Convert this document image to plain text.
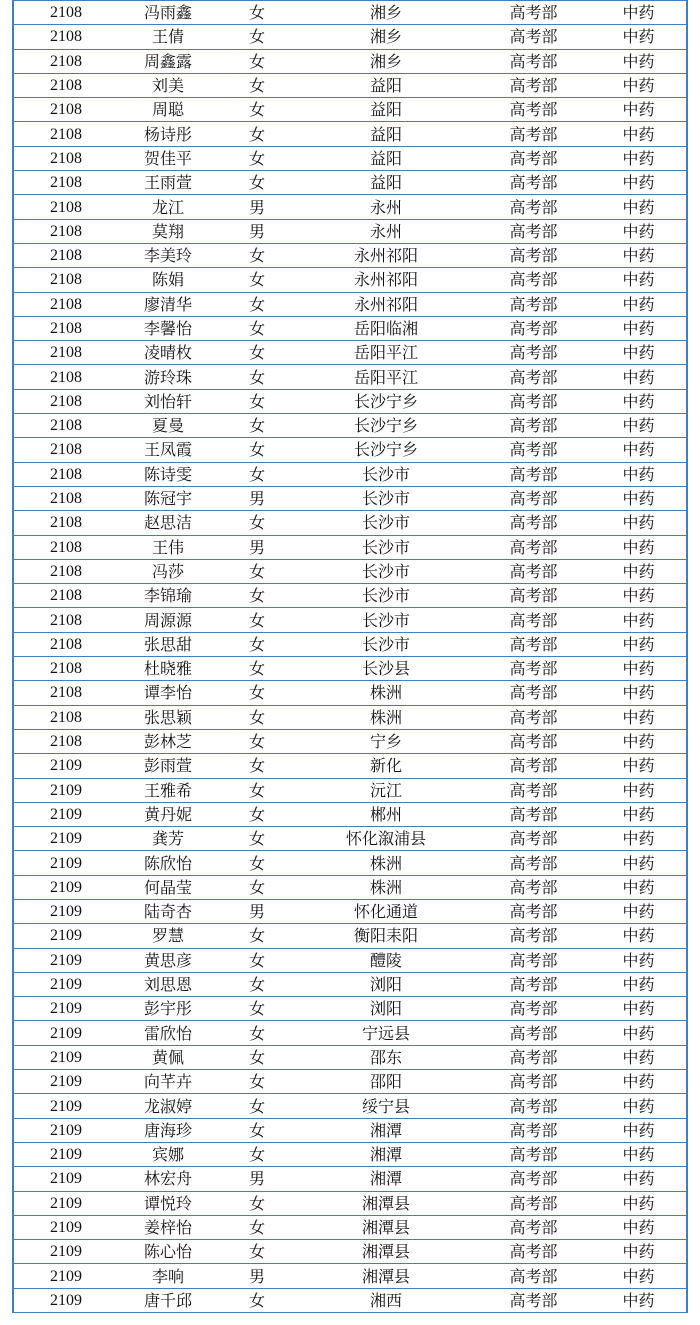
2108	冯雨鑫	女	湘乡	高考部	中药
2108	王倩	女	湘乡	高考部	中药
2108	周鑫露	女	湘乡	高考部	中药
2108	刘美	女	益阳	高考部	中药
2108	周聪	女	益阳	高考部	中药
2108	杨诗彤	女	益阳	高考部	中药
2108	贺佳平	女	益阳	高考部	中药
2108	王雨萱	女	益阳	高考部	中药
2108	龙江	男	永州	高考部	中药
2108	莫翔	男	永州	高考部	中药
2108	李美玲	女	永州祁阳	高考部	中药
2108	陈娟	女	永州祁阳	高考部	中药
2108	廖清华	女	永州祁阳	高考部	中药
2108	李馨怡	女	岳阳临湘	高考部	中药
2108	凌晴枚	女	岳阳平江	高考部	中药
2108	游玲珠	女	岳阳平江	高考部	中药
2108	刘怡轩	女	长沙宁乡	高考部	中药
2108	夏曼	女	长沙宁乡	高考部	中药
2108	王凤霞	女	长沙宁乡	高考部	中药
2108	陈诗雯	女	长沙市	高考部	中药
2108	陈冠宇	男	长沙市	高考部	中药
2108	赵思洁	女	长沙市	高考部	中药
2108	王伟	男	长沙市	高考部	中药
2108	冯莎	女	长沙市	高考部	中药
2108	李锦瑜	女	长沙市	高考部	中药
2108	周源源	女	长沙市	高考部	中药
2108	张思甜	女	长沙市	高考部	中药
2108	杜晓雅	女	长沙县	高考部	中药
2108	谭李怡	女	株洲	高考部	中药
2108	张思颖	女	株洲	高考部	中药
2108	彭林芝	女	宁乡	高考部	中药
2109	彭雨萱	女	新化	高考部	中药
2109	王雅希	女	沅江	高考部	中药
2109	黄丹妮	女	郴州	高考部	中药
2109	龚芳	女	怀化溆浦县	高考部	中药
2109	陈欣怡	女	株洲	高考部	中药
2109	何晶莹	女	株洲	高考部	中药
2109	陆奇杏	男	怀化通道	高考部	中药
2109	罗慧	女	衡阳耒阳	高考部	中药
2109	黄思彦	女	醴陵	高考部	中药
2109	刘思恩	女	浏阳	高考部	中药
2109	彭宇彤	女	浏阳	高考部	中药
2109	雷欣怡	女	宁远县	高考部	中药
2109	黄佩	女	邵东	高考部	中药
2109	向芊卉	女	邵阳	高考部	中药
2109	龙淑婷	女	绥宁县	高考部	中药
2109	唐海珍	女	湘潭	高考部	中药
2109	宾娜	女	湘潭	高考部	中药
2109	林宏舟	男	湘潭	高考部	中药
2109	谭悦玲	女	湘潭县	高考部	中药
2109	姜梓怡	女	湘潭县	高考部	中药
2109	陈心怡	女	湘潭县	高考部	中药
2109	李响	男	湘潭县	高考部	中药
2109	唐千邱	女	湘西	高考部	中药
